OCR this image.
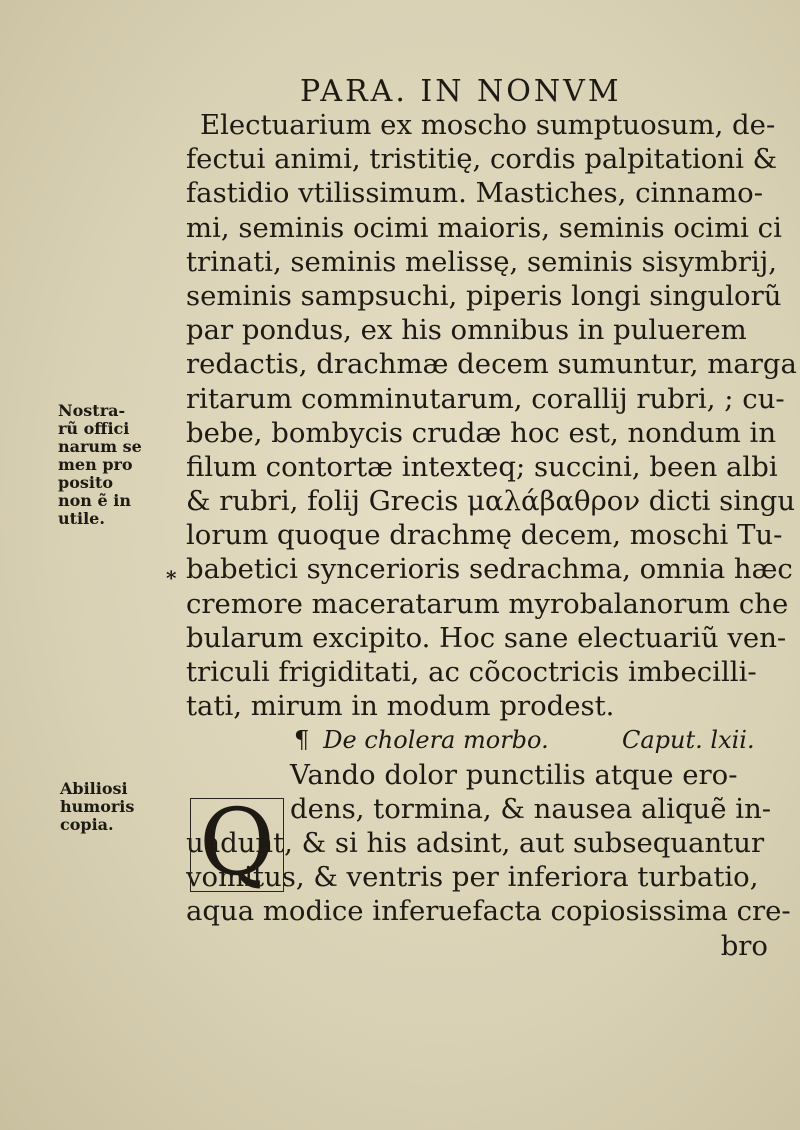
PARA. IN NONVM
Electuarium ex moscho sumptuosum, de-
fectui animi, tristitię, cordis palpitationi &
fastidio vtilissimum. Mastiches, cinnamo-
mi, seminis ocimi maioris, seminis ocimi ci
trinati, seminis melissę, seminis sisymbrij,
seminis sampsuchi, piperis longi singulorũ
par pondus, ex his omnibus in puluerem
redactis, drachmæ decem sumuntur, marga
ritarum comminutarum, corallij rubri, ; cu-
bebe, bombycis crudæ hoc est, nondum in
filum contortæ intexteq; succini, been albi
& rubri, folij Grecis μαλάβαθρον dicti singu
lorum quoque drachmę decem, moschi Tu-
babetici syncerioris sedrachma, omnia hæc
cremore maceratarum myrobalanorum che
bularum excipito. Hoc sane electuariũ ven-
triculi frigiditati, ac cõcoctricis imbecilli-
tati, mirum in modum prodest.
¶ De cholera morbo.	Caput. lxii.
Vando dolor punctilis atque ero-
dens, tormina, & nausea aliquẽ in-
uadunt, & si his adsint, aut subsequantur
vomitus, & ventris per inferiora turbatio,
aqua modice inferuefacta copiosissima cre-
bro
Q
Nostra-
rũ offici
narum se
men pro
posito
non ẽ in
utile.
*
Abiliosi
humoris
copia.
